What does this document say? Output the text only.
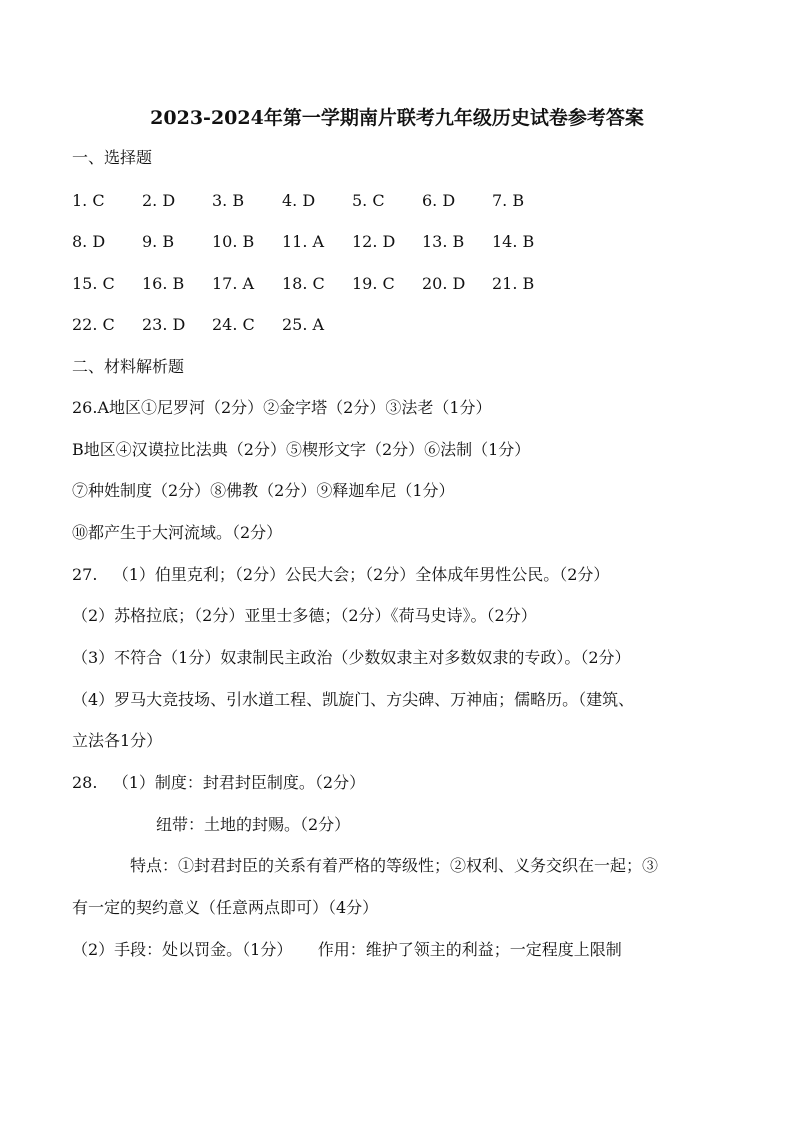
2023-2024年第一学期南片联考九年级历史试卷参考答案
一、选择题
1. C 2. D 3. B 4. D 5. C 6. D 7. B
8. D 9. B 10. B 11. A 12. D 13. B 14. B
15. C 16. B 17. A 18. C 19. C 20. D 21. B
22. C 23. D 24. C 25. A
二、材料解析题
26.A地区①尼罗河（2分）②金字塔（2分）③法老（1分）
B地区④汉谟拉比法典（2分）⑤楔形文字（2分）⑥法制（1分）
⑦种姓制度（2分）⑧佛教（2分）⑨释迦牟尼（1分）
⑩都产生于大河流域。（2分）
27.   （1）伯里克利；（2分）公民大会；（2分）全体成年男性公民。（2分）
（2）苏格拉底；（2分）亚里士多德；（2分）《荷马史诗》。（2分）
（3）不符合（1分）奴隶制民主政治（少数奴隶主对多数奴隶的专政）。（2分）
（4）罗马大竞技场、引水道工程、凯旋门、方尖碑、万神庙；儒略历。（建筑、
立法各1分）
28.   （1）制度：封君封臣制度。（2分）
纽带：土地的封赐。（2分）
特点：①封君封臣的关系有着严格的等级性；②权利、义务交织在一起；③
有一定的契约意义（任意两点即可）（4分）
（2）手段：处以罚金。（1分）     作用：维护了领主的利益；一定程度上限制
